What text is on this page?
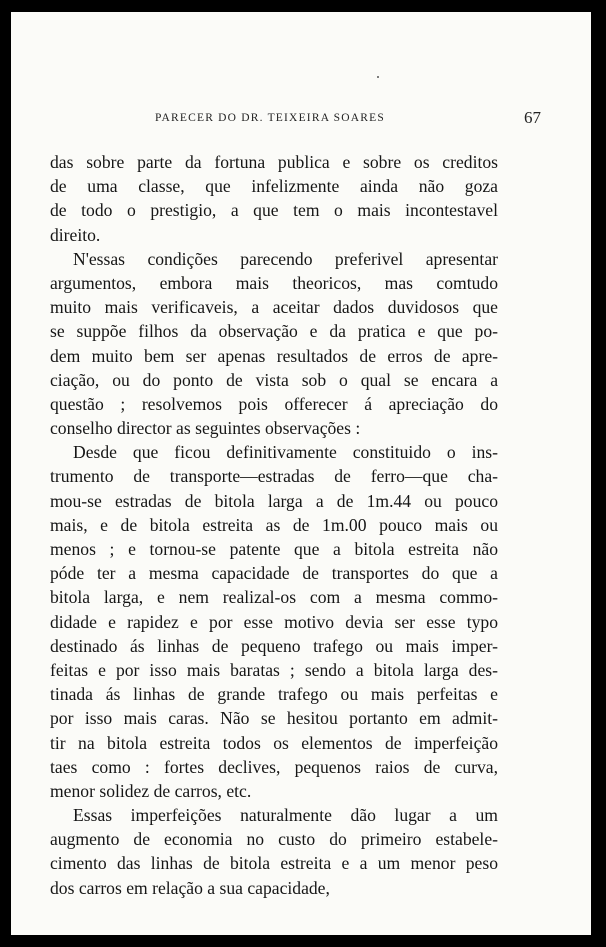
PARECER DO DR. TEIXEIRA SOARES	67
das sobre parte da fortuna publica e sobre os creditos
de uma classe, que infelizmente ainda não goza
de todo o prestigio, a que tem o mais incontestavel
direito.
N'essas condições parecendo preferivel apresentar
argumentos, embora mais theoricos, mas comtudo
muito mais verificaveis, a aceitar dados duvidosos que
se suppõe filhos da observação e da pratica e que po-
dem muito bem ser apenas resultados de erros de apre-
ciação, ou do ponto de vista sob o qual se encara a
questão ; resolvemos pois offerecer á apreciação do
conselho director as seguintes observações :
Desde que ficou definitivamente constituido o ins-
trumento de transporte—estradas de ferro—que cha-
mou-se estradas de bitola larga a de 1m.44 ou pouco
mais, e de bitola estreita as de 1m.00 pouco mais ou
menos ; e tornou-se patente que a bitola estreita não
póde ter a mesma capacidade de transportes do que a
bitola larga, e nem realizal-os com a mesma commo-
didade e rapidez e por esse motivo devia ser esse typo
destinado ás linhas de pequeno trafego ou mais imper-
feitas e por isso mais baratas ; sendo a bitola larga des-
tinada ás linhas de grande trafego ou mais perfeitas e
por isso mais caras. Não se hesitou portanto em admit-
tir na bitola estreita todos os elementos de imperfeição
taes como : fortes declives, pequenos raios de curva,
menor solidez de carros, etc.
Essas imperfeições naturalmente dão lugar a um
augmento de economia no custo do primeiro estabele-
cimento das linhas de bitola estreita e a um menor peso
dos carros em relação a sua capacidade,
